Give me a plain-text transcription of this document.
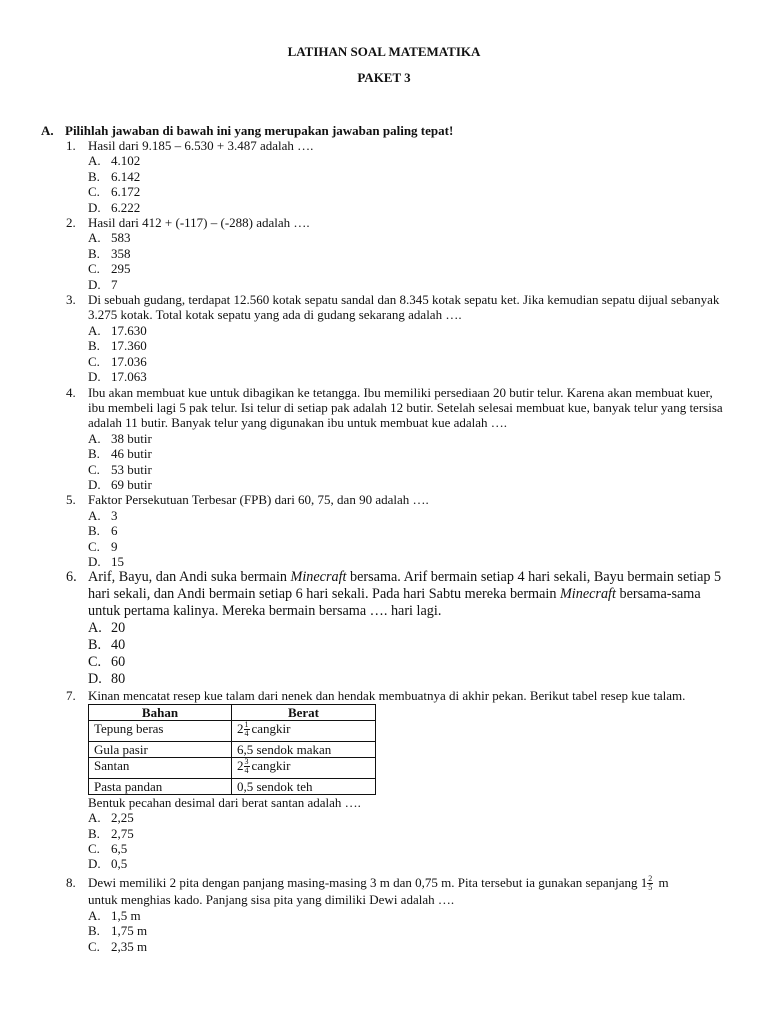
LATIHAN SOAL MATEMATIKA
PAKET 3
A. Pilihlah jawaban di bawah ini yang merupakan jawaban paling tepat!
1. Hasil dari 9.185 – 6.530 + 3.487 adalah ….
A. 4.102
B. 6.142
C. 6.172
D. 6.222
2. Hasil dari 412 + (-117) – (-288) adalah ….
A. 583
B. 358
C. 295
D. 7
3. Di sebuah gudang, terdapat 12.560 kotak sepatu sandal dan 8.345 kotak sepatu ket. Jika kemudian sepatu dijual sebanyak 3.275 kotak. Total kotak sepatu yang ada di gudang sekarang adalah ….
A. 17.630
B. 17.360
C. 17.036
D. 17.063
4. Ibu akan membuat kue untuk dibagikan ke tetangga. Ibu memiliki persediaan 20 butir telur. Karena akan membuat kuer, ibu membeli lagi 5 pak telur. Isi telur di setiap pak adalah 12 butir. Setelah selesai membuat kue, banyak telur yang tersisa adalah 11 butir. Banyak telur yang digunakan ibu untuk membuat kue adalah ….
A. 38 butir
B. 46 butir
C. 53 butir
D. 69 butir
5. Faktor Persekutuan Terbesar (FPB) dari 60, 75, dan 90 adalah ….
A. 3
B. 6
C. 9
D. 15
6. Arif, Bayu, dan Andi suka bermain Minecraft bersama. Arif bermain setiap 4 hari sekali, Bayu bermain setiap 5 hari sekali, dan Andi bermain setiap 6 hari sekali. Pada hari Sabtu mereka bermain Minecraft bersama-sama untuk pertama kalinya. Mereka bermain bersama …. hari lagi.
A. 20
B. 40
C. 60
D. 80
7. Kinan mencatat resep kue talam dari nenek dan hendak membuatnya di akhir pekan. Berikut tabel resep kue talam.
Bahan	Berat
Tepung beras	$2 \frac{1}{4}$ cangkir
Gula pasir	6,5 sendok makan
Santan	$2 \frac{3}{4}$ cangkir
Pasta pandan	0,5 sendok teh
Bentuk pecahan desimal dari berat santan adalah ….
A. 2,25
B. 2,75
C. 6,5
D. 0,5
8. Dewi memiliki 2 pita dengan panjang masing-masing 3 m dan 0,75 m. Pita tersebut ia gunakan sepanjang $1 \frac{2}{5}$ m
untuk menghias kado. Panjang sisa pita yang dimiliki Dewi adalah ….
A. 1,5 m
B. 1,75 m
C. 2,35 m
